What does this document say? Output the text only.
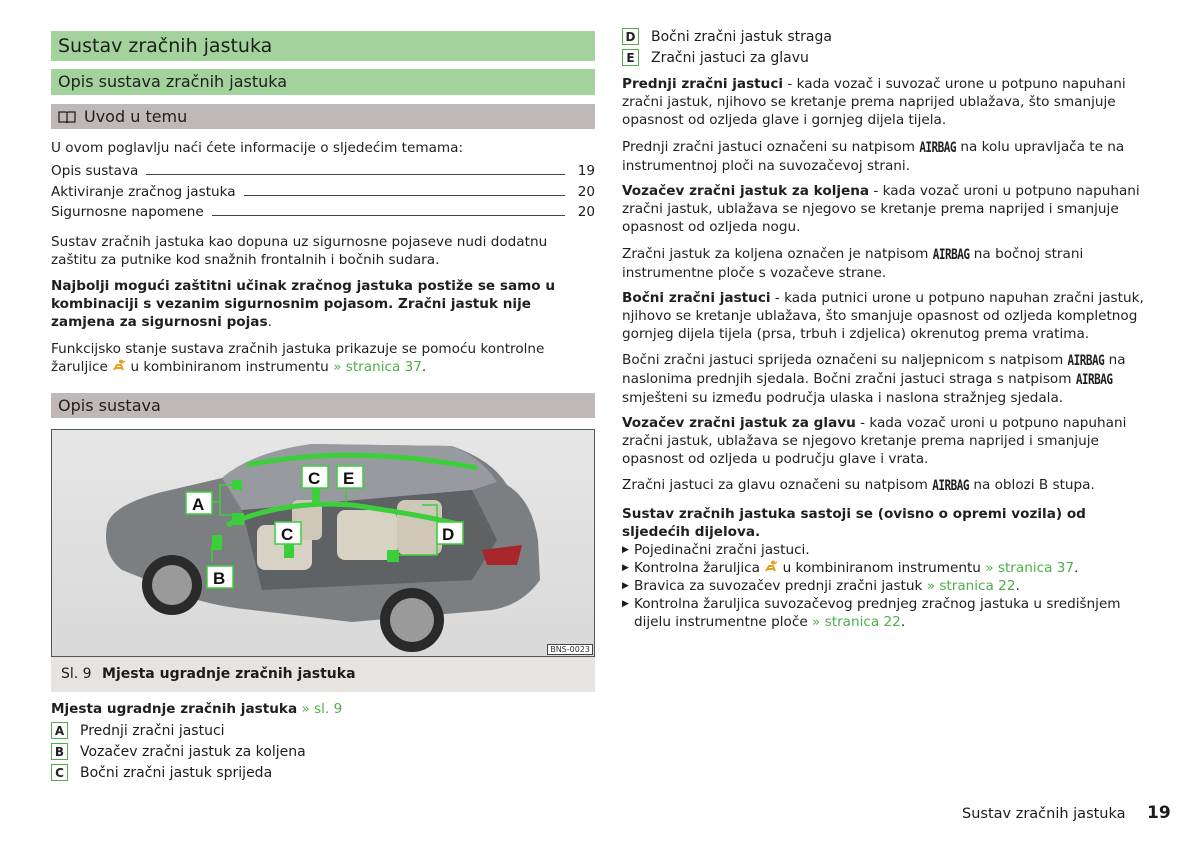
Sustav zračnih jastuka
Opis sustava zračnih jastuka
Uvod u temu
U ovom poglavlju naći ćete informacije o sljedećim temama:
Opis sustava	19
Aktiviranje zračnog jastuka	20
Sigurnosne napomene	20
Sustav zračnih jastuka kao dopuna uz sigurnosne pojaseve nudi dodatnu zaštitu za putnike kod snažnih frontalnih i bočnih sudara.
Najbolji mogući zaštitni učinak zračnog jastuka postiže se samo u kombinaciji s vezanim sigurnosnim pojasom. Zračni jastuk nije zamjena za sigurnosni pojas.
Funkcijsko stanje sustava zračnih jastuka prikazuje se pomoću kontrolne žaruljice u kombiniranom instrumentu » stranica 37.
Opis sustava
A
B
C
C
E
D
BNS-0023
Sl. 9 Mjesta ugradnje zračnih jastuka
Mjesta ugradnje zračnih jastuka » sl. 9
A Prednji zračni jastuci
B Vozačev zračni jastuk za koljena
C Bočni zračni jastuk sprijeda
D Bočni zračni jastuk straga
E	Zračni jastuci za glavu
Prednji zračni jastuci - kada vozač i suvozač urone u potpuno napuhani zračni jastuk, njihovo se kretanje prema naprijed ublažava, što smanjuje opasnost od ozljeda glave i gornjeg dijela tijela.
Prednji zračni jastuci označeni su natpisom AIRBAG na kolu upravljača te na instrumentnoj ploči na suvozačevoj strani.
Vozačev zračni jastuk za koljena - kada vozač uroni u potpuno napuhani zračni jastuk, ublažava se njegovo se kretanje prema naprijed i smanjuje opasnost od ozljeda nogu.
Zračni jastuk za koljena označen je natpisom AIRBAG na bočnoj strani instrumentne ploče s vozačeve strane.
Bočni zračni jastuci - kada putnici urone u potpuno napuhan zračni jastuk, njihovo se kretanje ublažava, što smanjuje opasnost od ozljeda kompletnog gornjeg dijela tijela (prsa, trbuh i zdjelica) okrenutog prema vratima.
Bočni zračni jastuci sprijeda označeni su naljepnicom s natpisom AIRBAG na naslonima prednjih sjedala. Bočni zračni jastuci straga s natpisom AIRBAG smješteni su između područja ulaska i naslona stražnjeg sjedala.
Vozačev zračni jastuk za glavu - kada vozač uroni u potpuno napuhani zračni jastuk, ublažava se njegovo kretanje prema naprijed i smanjuje opasnost od ozljeda u području glave i vrata.
Zračni jastuci za glavu označeni su natpisom AIRBAG na oblozi B stupa.
Sustav zračnih jastuka sastoji se (ovisno o opremi vozila) od sljedećih dijelova.
▶ Pojedinačni zračni jastuci.
▶ Kontrolna žaruljica u kombiniranom instrumentu » stranica 37.
▶ Bravica za suvozačev prednji zračni jastuk » stranica 22.
▶ Kontrolna žaruljica suvozačevog prednjeg zračnog jastuka u središnjem dijelu instrumentne ploče » stranica 22.
Sustav zračnih jastuka 19
